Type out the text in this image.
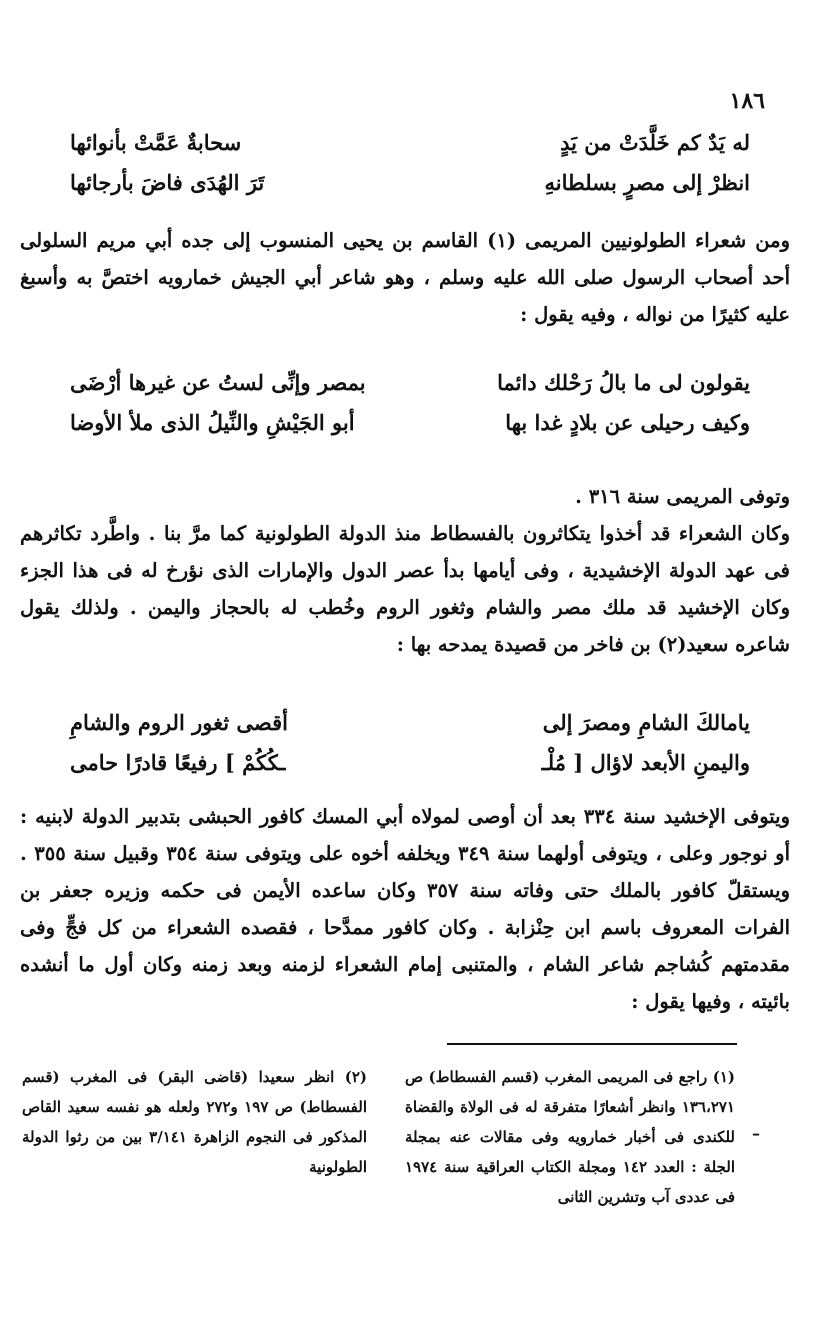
١٨٦
له يَدٌ كم خَلَّدَتْ من يَدٍ
سحابةٌ عَمَّتْ بأنوائها
انظرْ إلى مصرٍ بسلطانهِ
تَرَ الهُدَى فاضَ بأرجائها

ومن شعراء الطولونيين المريمى (١) القاسم بن يحيى المنسوب إلى جده أبي مريم السلولى أحد أصحاب الرسول صلى الله عليه وسلم ، وهو شاعر أبي الجيش خمارويه اختصَّ به وأسبغ عليه كثيرًا من نواله ، وفيه يقول :

يقولون لى ما بالُ رَحْلك دائما
بمصر وإنِّى لستُ عن غيرها أرْضَى
وكيف رحيلى عن بلادٍ غدا بها
أبو الجَيْشِ والنِّيلُ الذى ملأ الأوضا

وتوفى المريمى سنة ٣١٦ .

وكان الشعراء قد أخذوا يتكاثرون بالفسطاط منذ الدولة الطولونية كما مرَّ بنا . واطَّرد تكاثرهم فى عهد الدولة الإخشيدية ، وفى أيامها بدأ عصر الدول والإمارات الذى نؤرخ له فى هذا الجزء وكان الإخشيد قد ملك مصر والشام وثغور الروم وخُطب له بالحجاز واليمن . ولذلك يقول شاعره سعيد(٢) بن فاخر من قصيدة يمدحه بها :

يامالكَ الشامِ ومصرَ إلى
أقصى ثغور الروم والشامِ
واليمنِ الأبعد لاؤال [ مُلْـ
ـكُكُمْ ] رفيعًا قادرًا حامى

ويتوفى الإخشيد سنة ٣٣٤ بعد أن أوصى لمولاه أبي المسك كافور الحبشى بتدبير الدولة لابنيه : أو نوجور وعلى ، ويتوفى أولهما سنة ٣٤٩ ويخلفه أخوه على ويتوفى سنة ٣٥٤ وقبيل سنة ٣٥٥ . ويستقلّ كافور بالملك حتى وفاته سنة ٣٥٧ وكان ساعده الأيمن فى حكمه وزيره جعفر بن الفرات المعروف باسم ابن حِنْزابة . وكان كافور ممدَّحا ، فقصده الشعراء من كل فجٍّ وفى مقدمتهم كُشاجم شاعر الشام ، والمتنبى إمام الشعراء لزمنه وبعد زمنه وكان أول ما أنشده بائيته ، وفيها يقول :

(١) راجع فى المريمى المغرب (قسم الفسطاط) ص ١٣٦،٢٧١ وانظر أشعارًا متفرقة له فى الولاة والقضاة للكندى فى أخبار خمارويه وفى مقالات عنه بمجلة الجلة : العدد ١٤٢ ومجلة الكتاب العراقية سنة ١٩٧٤ فى عددى آب وتشرين الثانى
(٢) انظر سعيدا (قاضى البقر) فى المغرب (قسم الفسطاط) ص ١٩٧ و٢٧٢ ولعله هو نفسه سعيد القاص المذكور فى النجوم الزاهرة ٣/١٤١ بين من رثوا الدولة الطولونية
–
